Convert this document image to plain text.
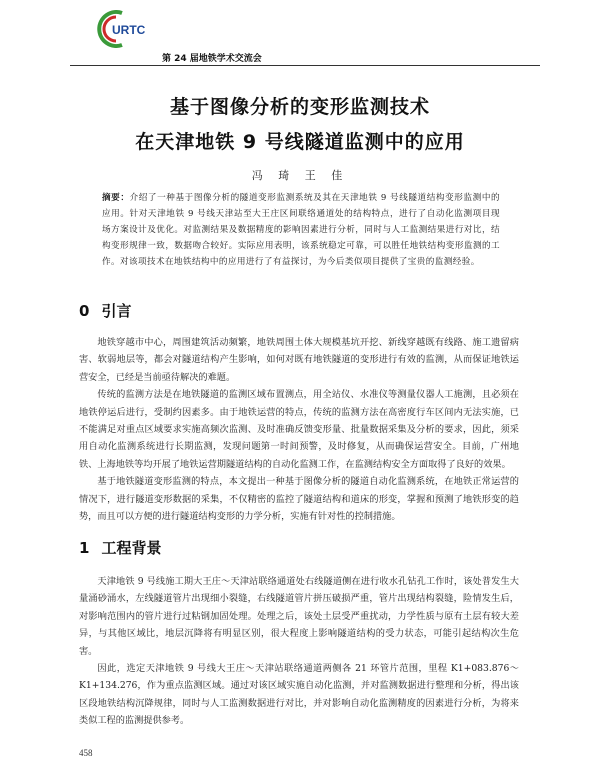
URTC
第 24 届地铁学术交流会
基于图像分析的变形监测技术
在天津地铁 9 号线隧道监测中的应用
冯 琦 王 佳
摘要：介绍了一种基于图像分析的隧道变形监测系统及其在天津地铁 9 号线隧道结构变形监测中的应用。针对天津地铁 9 号线天津站至大王庄区间联络通道处的结构特点，进行了自动化监测项目现场方案设计及优化。对监测结果及数据精度的影响因素进行分析，同时与人工监测结果进行对比，结构变形规律一致，数据吻合较好。实际应用表明，该系统稳定可靠，可以胜任地铁结构变形监测的工作。对该项技术在地铁结构中的应用进行了有益探讨，为今后类似项目提供了宝贵的监测经验。
0 引言

地铁穿越市中心，周围建筑活动频繁，地铁周围土体大规模基坑开挖、新线穿越既有线路、施工遗留病害、软弱地层等，都会对隧道结构产生影响，如何对既有地铁隧道的变形进行有效的监测，从而保证地铁运营安全，已经是当前亟待解决的难题。

传统的监测方法是在地铁隧道的监测区域布置测点，用全站仪、水准仪等测量仪器人工施测，且必须在地铁停运后进行，受制约因素多。由于地铁运营的特点，传统的监测方法在高密度行车区间内无法实施，已不能满足对重点区域要求实施高频次监测、及时准确反馈变形量、批量数据采集及分析的要求，因此，须采用自动化监测系统进行长期监测，发现问题第一时间预警，及时修复，从而确保运营安全。目前，广州地铁、上海地铁等均开展了地铁运营期隧道结构的自动化监测工作，在监测结构安全方面取得了良好的效果。

基于地铁隧道变形监测的特点，本文提出一种基于图像分析的隧道自动化监测系统，在地铁正常运营的情况下，进行隧道变形数据的采集，不仅精密的监控了隧道结构和道床的形变，掌握和预测了地铁形变的趋势，而且可以方便的进行隧道结构变形的力学分析，实施有针对性的控制措施。

1 工程背景

天津地铁 9 号线施工期大王庄～天津站联络通道处右线隧道侧在进行收水孔钻孔工作时，该处普发生大量涌砂涌水，左线隧道管片出现细小裂缝，右线隧道管片拼压破损严重，管片出现结构裂缝，险情发生后，对影响范围内的管片进行过粘钢加固处理。处理之后，该处土层受严重扰动，力学性质与原有土层有较大差异，与其他区域比，地层沉降将有明显区别，很大程度上影响隧道结构的受力状态，可能引起结构次生危害。

因此，选定天津地铁 9 号线大王庄～天津站联络通道两侧各 21 环管片范围，里程 K1+083.876～K1+134.276，作为重点监测区域。通过对该区域实施自动化监测，并对监测数据进行整理和分析，得出该区段地铁结构沉降规律，同时与人工监测数据进行对比，并对影响自动化监测精度的因素进行分析，为将来类似工程的监测提供参考。

458
